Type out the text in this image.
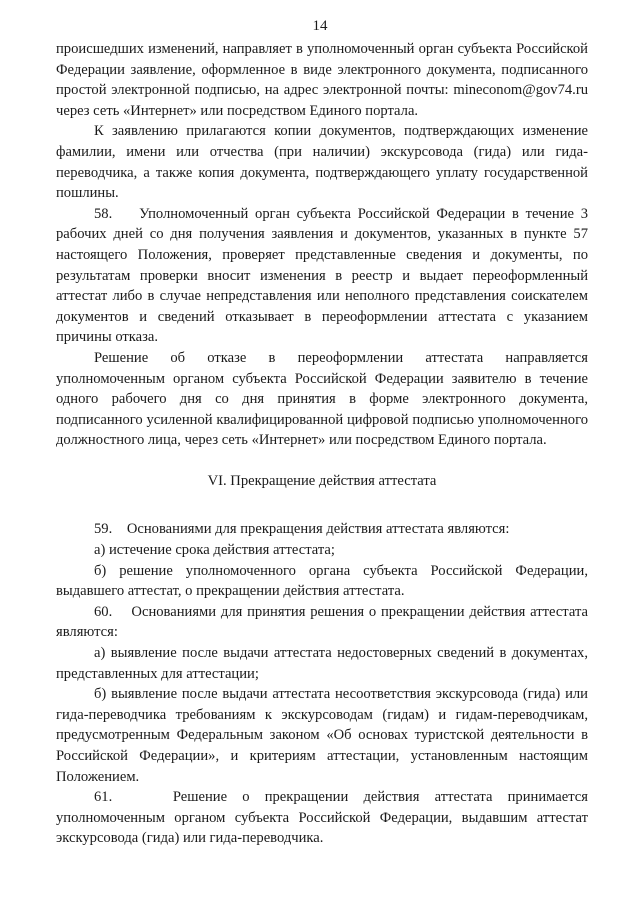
14

происшедших изменений, направляет в уполномоченный орган субъекта Российской Федерации заявление, оформленное в виде электронного документа, подписанного простой электронной подписью, на адрес электронной почты: mineconom@gov74.ru через сеть «Интернет» или посредством Единого портала.

К заявлению прилагаются копии документов, подтверждающих изменение фамилии, имени или отчества (при наличии) экскурсовода (гида) или гида-переводчика, а также копия документа, подтверждающего уплату государственной пошлины.

58.    Уполномоченный орган субъекта Российской Федерации в течение 3 рабочих дней со дня получения заявления и документов, указанных в пункте 57 настоящего Положения, проверяет представленные сведения и документы, по результатам проверки вносит изменения в реестр и выдает переоформленный аттестат либо в случае непредставления или неполного представления соискателем документов и сведений отказывает в переоформлении аттестата с указанием причины отказа.

Решение об отказе в переоформлении аттестата направляется уполномоченным органом субъекта Российской Федерации заявителю в течение одного рабочего дня со дня принятия в форме электронного документа, подписанного усиленной квалифицированной цифровой подписью уполномоченного должностного лица, через сеть «Интернет» или посредством Единого портала.

VI. Прекращение действия аттестата

59.    Основаниями для прекращения действия аттестата являются:

а) истечение срока действия аттестата;

б) решение уполномоченного органа субъекта Российской Федерации, выдавшего аттестат, о прекращении действия аттестата.

60.    Основаниями для принятия решения о прекращении действия аттестата являются:

а) выявление после выдачи аттестата недостоверных сведений в документах, представленных для аттестации;

б) выявление после выдачи аттестата несоответствия экскурсовода (гида) или гида-переводчика требованиям к экскурсоводам (гидам) и гидам-переводчикам, предусмотренным Федеральным законом «Об основах туристской деятельности в Российской Федерации», и критериям аттестации, установленным настоящим Положением.

61.    Решение о прекращении действия аттестата принимается уполномоченным органом субъекта Российской Федерации, выдавшим аттестат экскурсовода (гида) или гида-переводчика.
